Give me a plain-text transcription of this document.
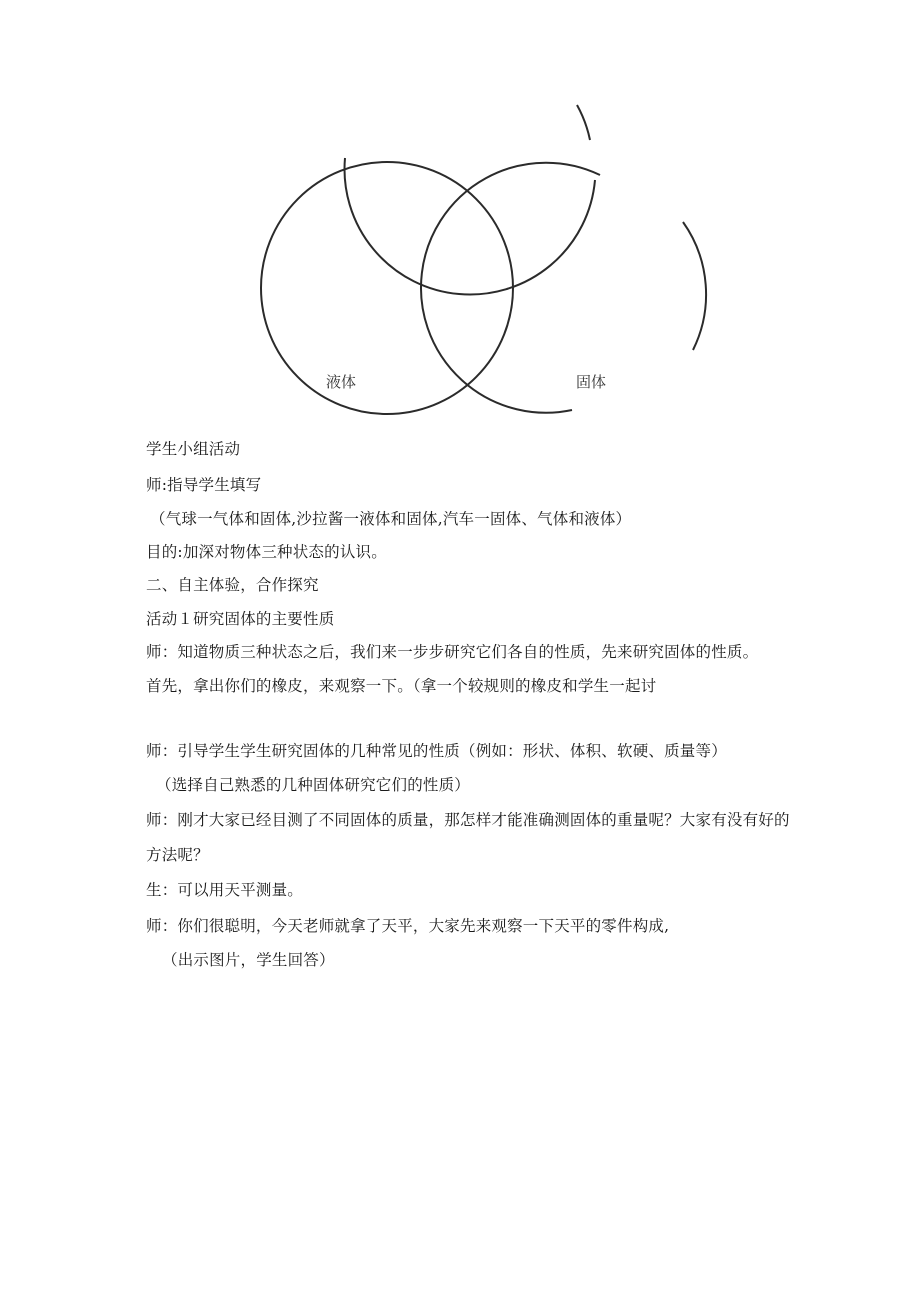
液体	固体
学生小组活动
师:指导学生填写
（气球一气体和固体,沙拉酱一液体和固体,汽车一固体、气体和液体）
目的:加深对物体三种状态的认识。
二、自主体验，合作探究
活动１研究固体的主要性质
师：知道物质三种状态之后，我们来一步步研究它们各自的性质，先来研究固体的性质。
首先，拿出你们的橡皮，来观察一下。（拿一个较规则的橡皮和学生一起讨
师：引导学生学生研究固体的几种常见的性质（例如：形状、体积、软硬、质量等）
（选择自己熟悉的几种固体研究它们的性质）
师：刚才大家已经目测了不同固体的质量，那怎样才能准确测固体的重量呢？大家有没有好的
方法呢？
生：可以用天平测量。
师：你们很聪明，今天老师就拿了天平，大家先来观察一下天平的零件构成,
（出示图片，学生回答）
